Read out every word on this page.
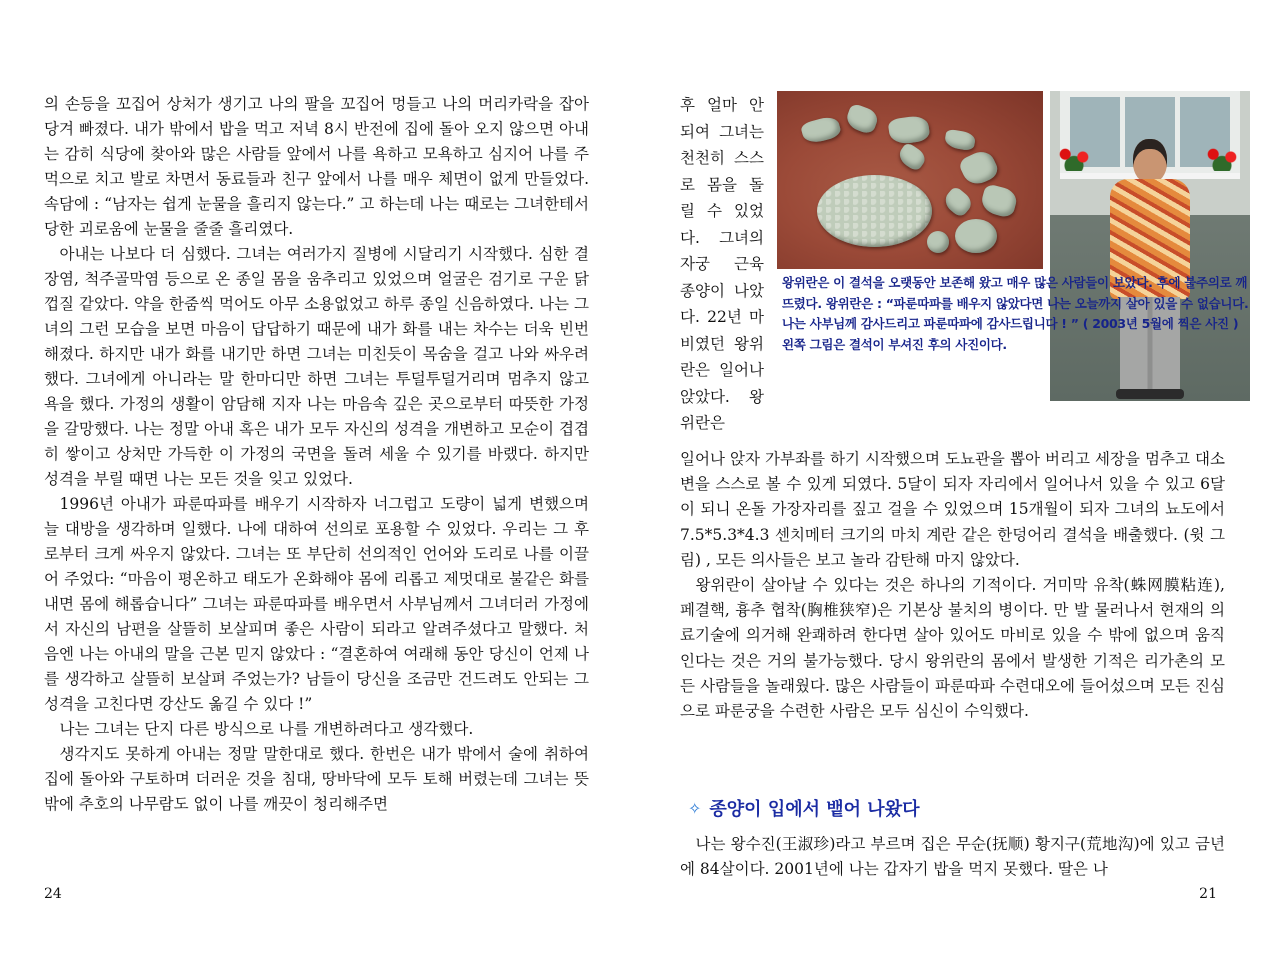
의 손등을 꼬집어 상처가 생기고 나의 팔을 꼬집어 멍들고 나의 머리카락을 잡아 당겨 빠졌다. 내가 밖에서 밥을 먹고 저녁 8시 반전에 집에 돌아 오지 않으면 아내는 감히 식당에 찾아와 많은 사람들 앞에서 나를 욕하고 모욕하고 심지어 나를 주먹으로 치고 발로 차면서 동료들과 친구 앞에서 나를 매우 체면이 없게 만들었다. 속담에 : “남자는 쉽게 눈물을 흘리지 않는다.” 고 하는데 나는 때로는 그녀한테서 당한 괴로움에 눈물을 줄줄 흘리였다.

아내는 나보다 더 심했다. 그녀는 여러가지 질병에 시달리기 시작했다. 심한 결장염, 척주골막염 등으로 온 종일 몸을 움추리고 있었으며 얼굴은 검기로 구운 닭껍질 같았다. 약을 한줌씩 먹어도 아무 소용없었고 하루 종일 신음하였다. 나는 그녀의 그런 모습을 보면 마음이 답답하기 때문에 내가 화를 내는 차수는 더욱 빈번해졌다. 하지만 내가 화를 내기만 하면 그녀는 미친듯이 목숨을 걸고 나와 싸우려 했다. 그녀에게 아니라는 말 한마디만 하면 그녀는 투덜투덜거리며 멈추지 않고 욕을 했다. 가정의 생활이 암담해 지자 나는 마음속 깊은 곳으로부터 따뜻한 가정을 갈망했다. 나는 정말 아내 혹은 내가 모두 자신의 성격을 개변하고 모순이 겹겹히 쌓이고 상처만 가득한 이 가정의 국면을 돌려 세울 수 있기를 바랬다. 하지만 성격을 부릴 때면 나는 모든 것을 잊고 있었다.

1996년 아내가 파룬따파를 배우기 시작하자 너그럽고 도량이 넓게 변했으며 늘 대방을 생각하며 일했다. 나에 대하여 선의로 포용할 수 있었다. 우리는 그 후로부터 크게 싸우지 않았다. 그녀는 또 부단히 선의적인 언어와 도리로 나를 이끌어 주었다: “마음이 평온하고 태도가 온화해야 몸에 리롭고 제멋대로 불같은 화를 내면 몸에 해롭습니다” 그녀는 파룬따파를 배우면서 사부님께서 그녀더러 가정에서 자신의 남편을 살뜰히 보살피며 좋은 사람이 되라고 알려주셨다고 말했다. 처음엔 나는 아내의 말을 근본 믿지 않았다 : “결혼하여 여래해 동안 당신이 언제 나를 생각하고 살뜰히 보살펴 주었는가? 남들이 당신을 조금만 건드려도 안되는 그 성격을 고친다면 강산도 옮길 수 있다 !”

나는 그녀는 단지 다른 방식으로 나를 개변하려다고 생각했다.

생각지도 못하게 아내는 정말 말한대로 했다. 한번은 내가 밖에서 술에 취하여 집에 돌아와 구토하며 더러운 것을 침대, 땅바닥에 모두 토해 버렸는데 그녀는 뜻밖에 추호의 나무람도 없이 나를 깨끗이 청리해주면

24

후 얼마 안 되여 그녀는 천천히 스스로 몸을 돌릴 수 있었다. 그녀의 자궁 근육 종양이 나았다. 22년 마비였던 왕위란은 일어나 앉았다. 왕위란은

왕위란은 이 결석을 오랫동안 보존해 왔고 매우 많은 사람들이 보았다. 후에 불주의로 깨뜨렸다. 왕위란은 : “파룬따파를 배우지 않았다면 나는 오늘까지 살아 있을 수 없습니다. 나는 사부님께 감사드리고 파룬따파에 감사드립니다 ! ” ( 2003년 5월에 찍은 사진 ) 왼쪽 그림은 결석이 부셔진 후의 사진이다.

일어나 앉자 가부좌를 하기 시작했으며 도뇨관을 뽑아 버리고 세장을 멈추고 대소변을 스스로 볼 수 있게 되였다. 5달이 되자 자리에서 일어나서 있을 수 있고 6달이 되니 온돌 가장자리를 짚고 걸을 수 있었으며 15개월이 되자 그녀의 뇨도에서 7.5*5.3*4.3 센치메터 크기의 마치 계란 같은 한덩어리 결석을 배출했다. (윗 그림) , 모든 의사들은 보고 놀라 감탄해 마지 않았다.

왕위란이 살아날 수 있다는 것은 하나의 기적이다. 거미막 유착(蛛网膜粘连), 페결핵, 흉추 협착(胸椎狭窄)은 기본상 불치의 병이다. 만 발 물러나서 현재의 의료기술에 의거해 완쾌하려 한다면 살아 있어도 마비로 있을 수 밖에 없으며 움직인다는 것은 거의 불가능했다. 당시 왕위란의 몸에서 발생한 기적은 리가촌의 모든 사람들을 놀래웠다. 많은 사람들이 파룬따파 수련대오에 들어섰으며 모든 진심으로 파룬궁을 수련한 사람은 모두 심신이 수익했다.

✧ 종양이 입에서 뱉어 나왔다

나는 왕수진(王淑珍)라고 부르며 집은 무순(抚顺) 황지구(荒地沟)에 있고 금년에 84살이다. 2001년에 나는 갑자기 밥을 먹지 못했다. 딸은 나

21
